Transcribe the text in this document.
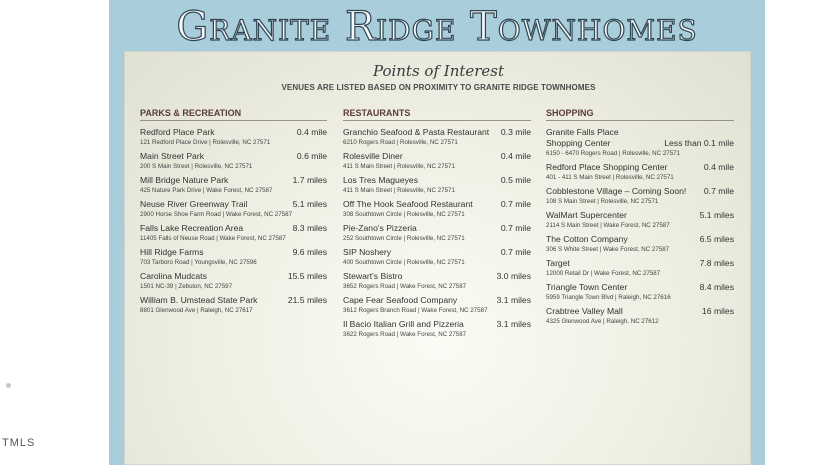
TMLS
Granite Ridge Townhomes
Points of Interest
VENUES ARE LISTED BASED ON PROXIMITY TO GRANITE RIDGE TOWNHOMES
PARKS & RECREATION
Redford Place Park	0.4 mile
121 Redford Place Drive | Rolesville, NC 27571
Main Street Park	0.6 mile
200 S Main Street | Rolesville, NC 27571
Mill Bridge Nature Park	1.7 miles
425 Nature Park Drive | Wake Forest, NC 27587
Neuse River Greenway Trail	5.1 miles
2900 Horse Shoe Farm Road | Wake Forest, NC 27587
Falls Lake Recreation Area	8.3 miles
11405 Falls of Neuse Road | Wake Forest, NC 27587
Hill Ridge Farms	9.6 miles
703 Tarboro Road | Youngsville, NC 27596
Carolina Mudcats	15.5 miles
1501 NC-39 | Zebulon, NC 27597
William B. Umstead State Park	21.5 miles
8801 Glenwood Ave | Raleigh, NC 27617
RESTAURANTS
Granchio Seafood & Pasta Restaurant 0.3 mile
6210 Rogers Road | Rolesville, NC 27571
Rolesville Diner	0.4 mile
411 S Main Street | Rolesville, NC 27571
Los Tres Magueyes	0.5 mile
411 S Main Street | Rolesville, NC 27571
Off The Hook Seafood Restaurant	0.7 mile
308 Southtown Circle | Rolesville, NC 27571
Pie-Zano's Pizzeria	0.7 mile
252 Southtown Circle | Rolesville, NC 27571
SIP Noshery	0.7 mile
400 Southtown Circle | Rolesville, NC 27571
Stewart's Bistro	3.0 miles
3652 Rogers Road | Wake Forest, NC 27587
Cape Fear Seafood Company	3.1 miles
3612 Rogers Branch Road | Wake Forest, NC 27587
Il Bacio Italian Grill and Pizzeria	3.1 miles
3622 Rogers Road | Wake Forest, NC 27587
SHOPPING
Granite Falls Place
Shopping Center	Less than 0.1 mile
6150 - 6470 Rogers Road | Rolesville, NC 27571
Redford Place Shopping Center	0.4 mile
401 - 411 S Main Street | Rolesville, NC 27571
Cobblestone Village – Coming Soon! 0.7 mile
108 S Main Street | Rolesville, NC 27571
WalMart Supercenter	5.1 miles
2114 S Main Street | Wake Forest, NC 27587
The Cotton Company	6.5 miles
306 S White Street | Wake Forest, NC 27587
Target	7.8 miles
12000 Retail Dr | Wake Forest, NC 27587
Triangle Town Center	8.4 miles
5959 Triangle Town Blvd | Raleigh, NC 27616
Crabtree Valley Mall	16 miles
4325 Glenwood Ave | Raleigh, NC 27612
